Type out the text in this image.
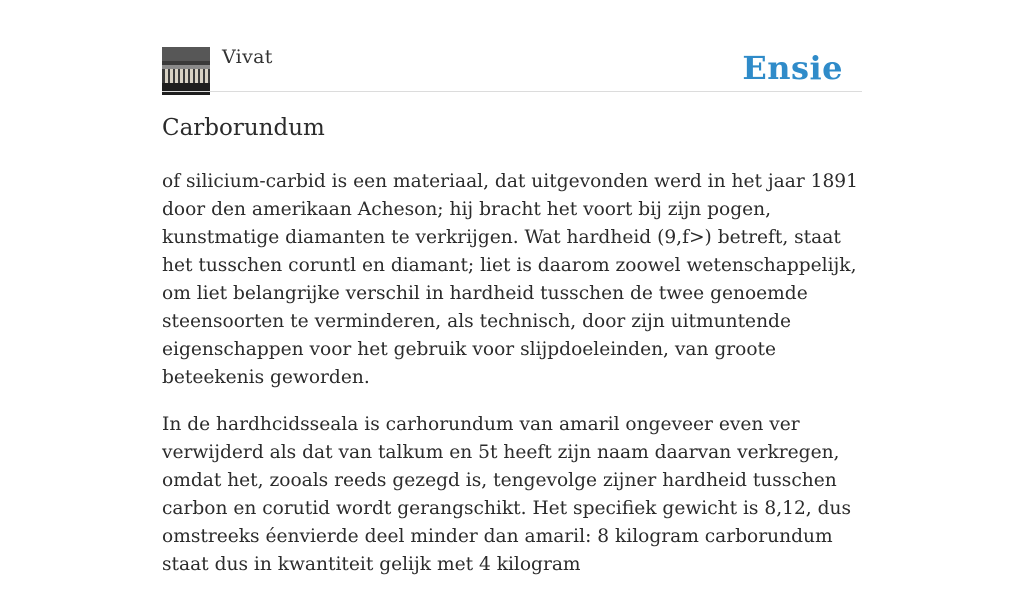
Vivat	Ensie
Carborundum

of silicium-carbid is een materiaal, dat uitgevonden werd in het jaar 1891 door den amerikaan Acheson; hij bracht het voort bij zijn pogen, kunstmatige diamanten te verkrijgen. Wat hardheid (9,f>) betreft, staat het tusschen coruntl en diamant; liet is daarom zoowel wetenschappelijk, om liet belangrijke verschil in hardheid tusschen de twee genoemde steensoorten te verminderen, als technisch, door zijn uitmuntende eigenschappen voor het gebruik voor slijpdoeleinden, van groote beteekenis geworden.

In de hardhcidsseala is carhorundum van amaril ongeveer even ver verwijderd als dat van talkum en 5t heeft zijn naam daarvan verkregen, omdat het, zooals reeds gezegd is, tengevolge zijner hardheid tusschen carbon en corutid wordt gerangschikt. Het specifiek gewicht is 8,12, dus omstreeks éenvierde deel minder dan amaril: 8 kilogram carborundum staat dus in kwantiteit gelijk met 4 kilogram
